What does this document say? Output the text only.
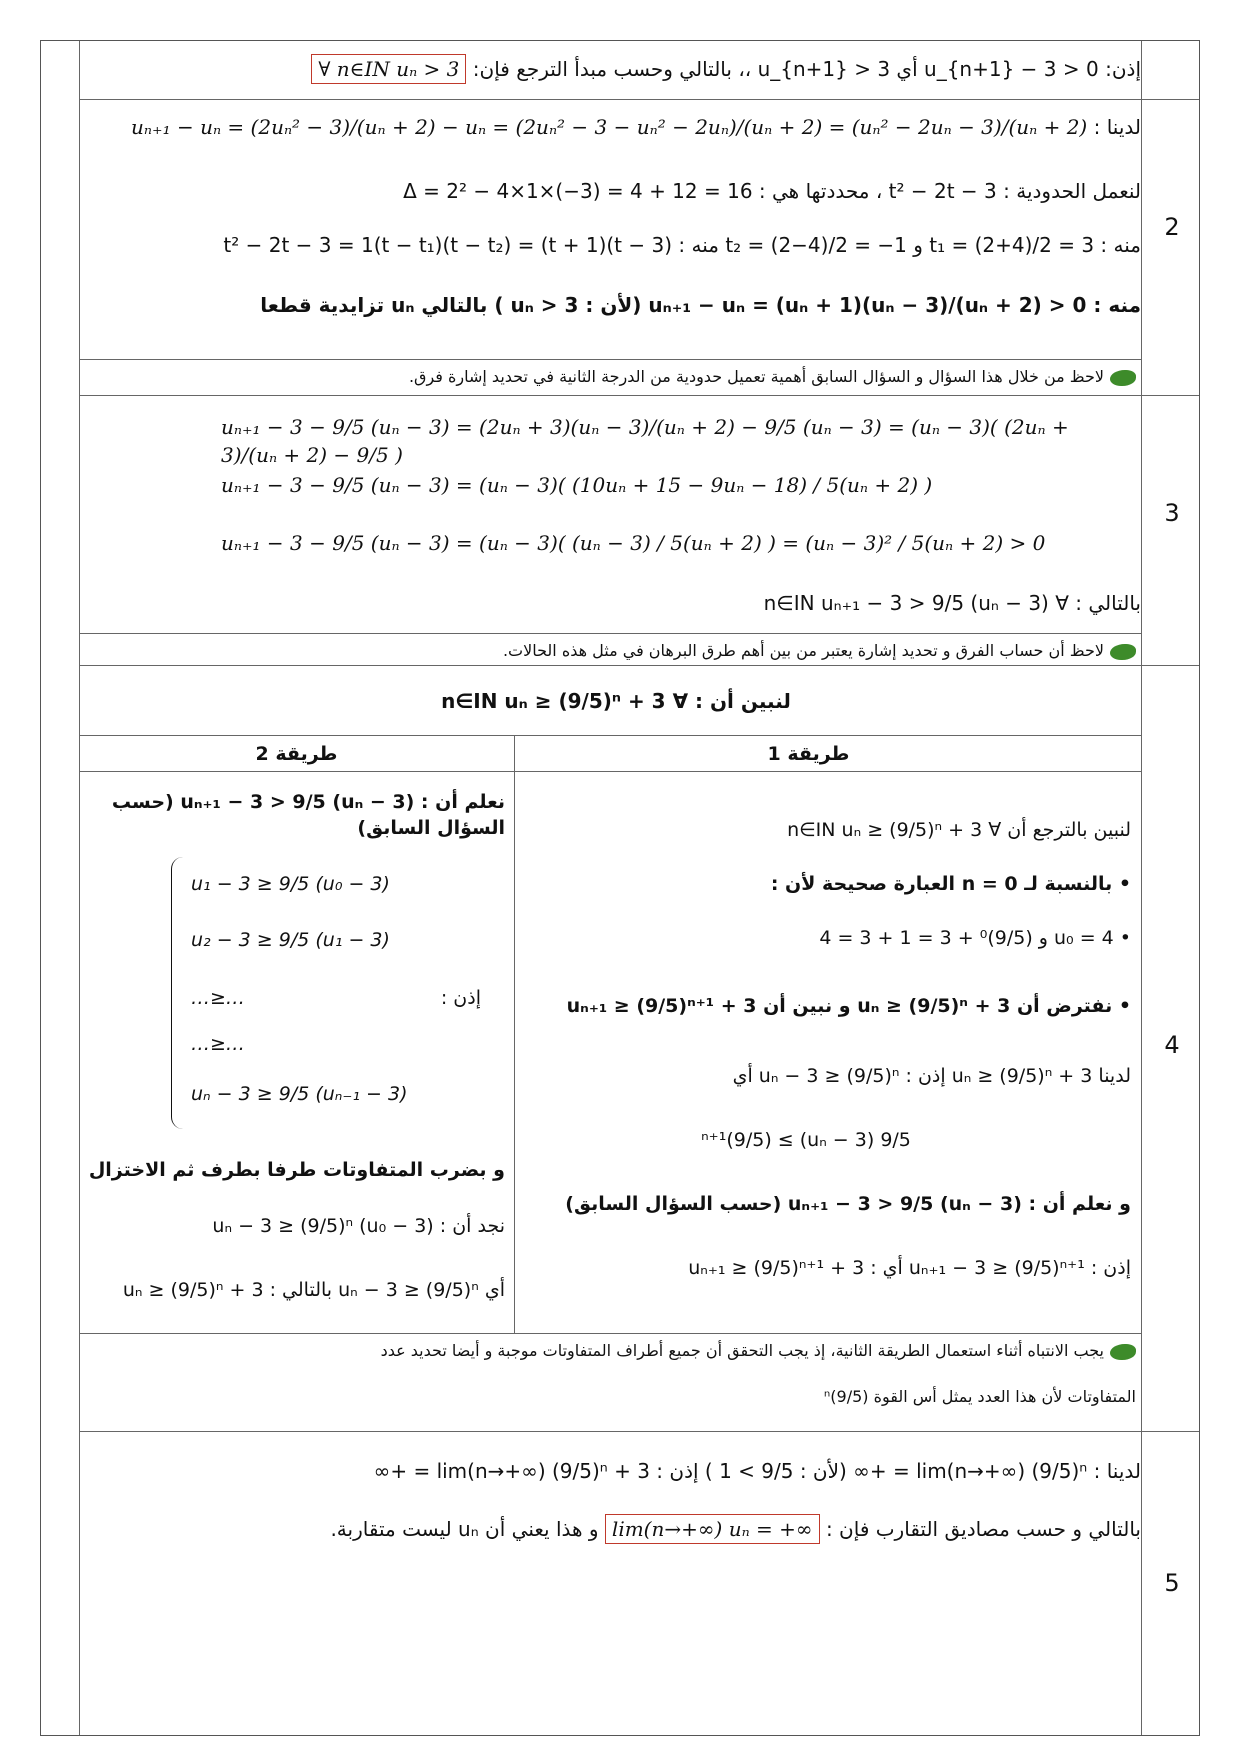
إذن: 0 < 3 − u_{n+1} أي u_{n+1} > 3 ،، بالتالي وحسب مبدأ الترجع فإن: ∀ n∈IN uₙ > 3
2
لدينا : uₙ₊₁ − uₙ = (2uₙ² − 3)/(uₙ + 2) − uₙ = (2uₙ² − 3 − uₙ² − 2uₙ)/(uₙ + 2) = (uₙ² − 2uₙ − 3)/(uₙ + 2)
لنعمل الحدودية : t² − 2t − 3 ، محددتها هي : Δ = 2² − 4×1×(−3) = 4 + 12 = 16
منه : t₁ = (2+4)/2 = 3 و t₂ = (2−4)/2 = −1 منه : t² − 2t − 3 = 1(t − t₁)(t − t₂) = (t + 1)(t − 3)
منه : uₙ₊₁ − uₙ = (uₙ + 1)(uₙ − 3)/(uₙ + 2) > 0 (لأن : uₙ > 3 ) بالتالي uₙ تزايدية قطعا
لاحظ من خلال هذا السؤال و السؤال السابق أهمية تعميل حدودية من الدرجة الثانية في تحديد إشارة فرق.
3
uₙ₊₁ − 3 − 9/5 (uₙ − 3) = (2uₙ + 3)(uₙ − 3)/(uₙ + 2) − 9/5 (uₙ − 3) = (uₙ − 3)( (2uₙ + 3)/(uₙ + 2) − 9/5 )
uₙ₊₁ − 3 − 9/5 (uₙ − 3) = (uₙ − 3)( (10uₙ + 15 − 9uₙ − 18) / 5(uₙ + 2) )
uₙ₊₁ − 3 − 9/5 (uₙ − 3) = (uₙ − 3)( (uₙ − 3) / 5(uₙ + 2) ) = (uₙ − 3)² / 5(uₙ + 2) > 0
بالتالي : ∀ n∈IN uₙ₊₁ − 3 > 9/5 (uₙ − 3)
لاحظ أن حساب الفرق و تحديد إشارة يعتبر من بين أهم طرق البرهان في مثل هذه الحالات.
4
لنبين أن : ∀ n∈IN uₙ ≥ (9/5)ⁿ + 3
طريقة 1
طريقة 2
لنبين بالترجع أن ∀ n∈IN uₙ ≥ (9/5)ⁿ + 3
• بالنسبة لـ n = 0 العبارة صحيحة لأن :
• u₀ = 4 و (9/5)⁰ + 3 = 1 + 3 = 4
• نفترض أن uₙ ≥ (9/5)ⁿ + 3 و نبين أن uₙ₊₁ ≥ (9/5)ⁿ⁺¹ + 3
لدينا uₙ ≥ (9/5)ⁿ + 3 إذن : uₙ − 3 ≥ (9/5)ⁿ أي
9/5 (uₙ − 3) ≥ (9/5)ⁿ⁺¹
و نعلم أن : uₙ₊₁ − 3 > 9/5 (uₙ − 3) (حسب السؤال السابق)
إذن : uₙ₊₁ − 3 ≥ (9/5)ⁿ⁺¹ أي : uₙ₊₁ ≥ (9/5)ⁿ⁺¹ + 3
نعلم أن : uₙ₊₁ − 3 > 9/5 (uₙ − 3) (حسب السؤال السابق)
u₁ − 3 ≥ 9/5 (u₀ − 3)
u₂ − 3 ≥ 9/5 (u₁ − 3)
…≥…
…≥…
uₙ − 3 ≥ 9/5 (uₙ₋₁ − 3)
إذن :
و بضرب المتفاوتات طرفا بطرف ثم الاختزال
نجد أن : uₙ − 3 ≥ (9/5)ⁿ (u₀ − 3)
أي uₙ − 3 ≥ (9/5)ⁿ بالتالي : uₙ ≥ (9/5)ⁿ + 3
يجب الانتباه أثناء استعمال الطريقة الثانية، إذ يجب التحقق أن جميع أطراف المتفاوتات موجبة و أيضا تحديد عدد
المتفاوتات لأن هذا العدد يمثل أس القوة (9/5)ⁿ
5
لدينا : lim(n→+∞) (9/5)ⁿ = +∞ (لأن : 9/5 > 1 ) إذن : lim(n→+∞) (9/5)ⁿ + 3 = +∞
بالتالي و حسب مصاديق التقارب فإن : lim(n→+∞) uₙ = +∞ و هذا يعني أن uₙ ليست متقاربة.
